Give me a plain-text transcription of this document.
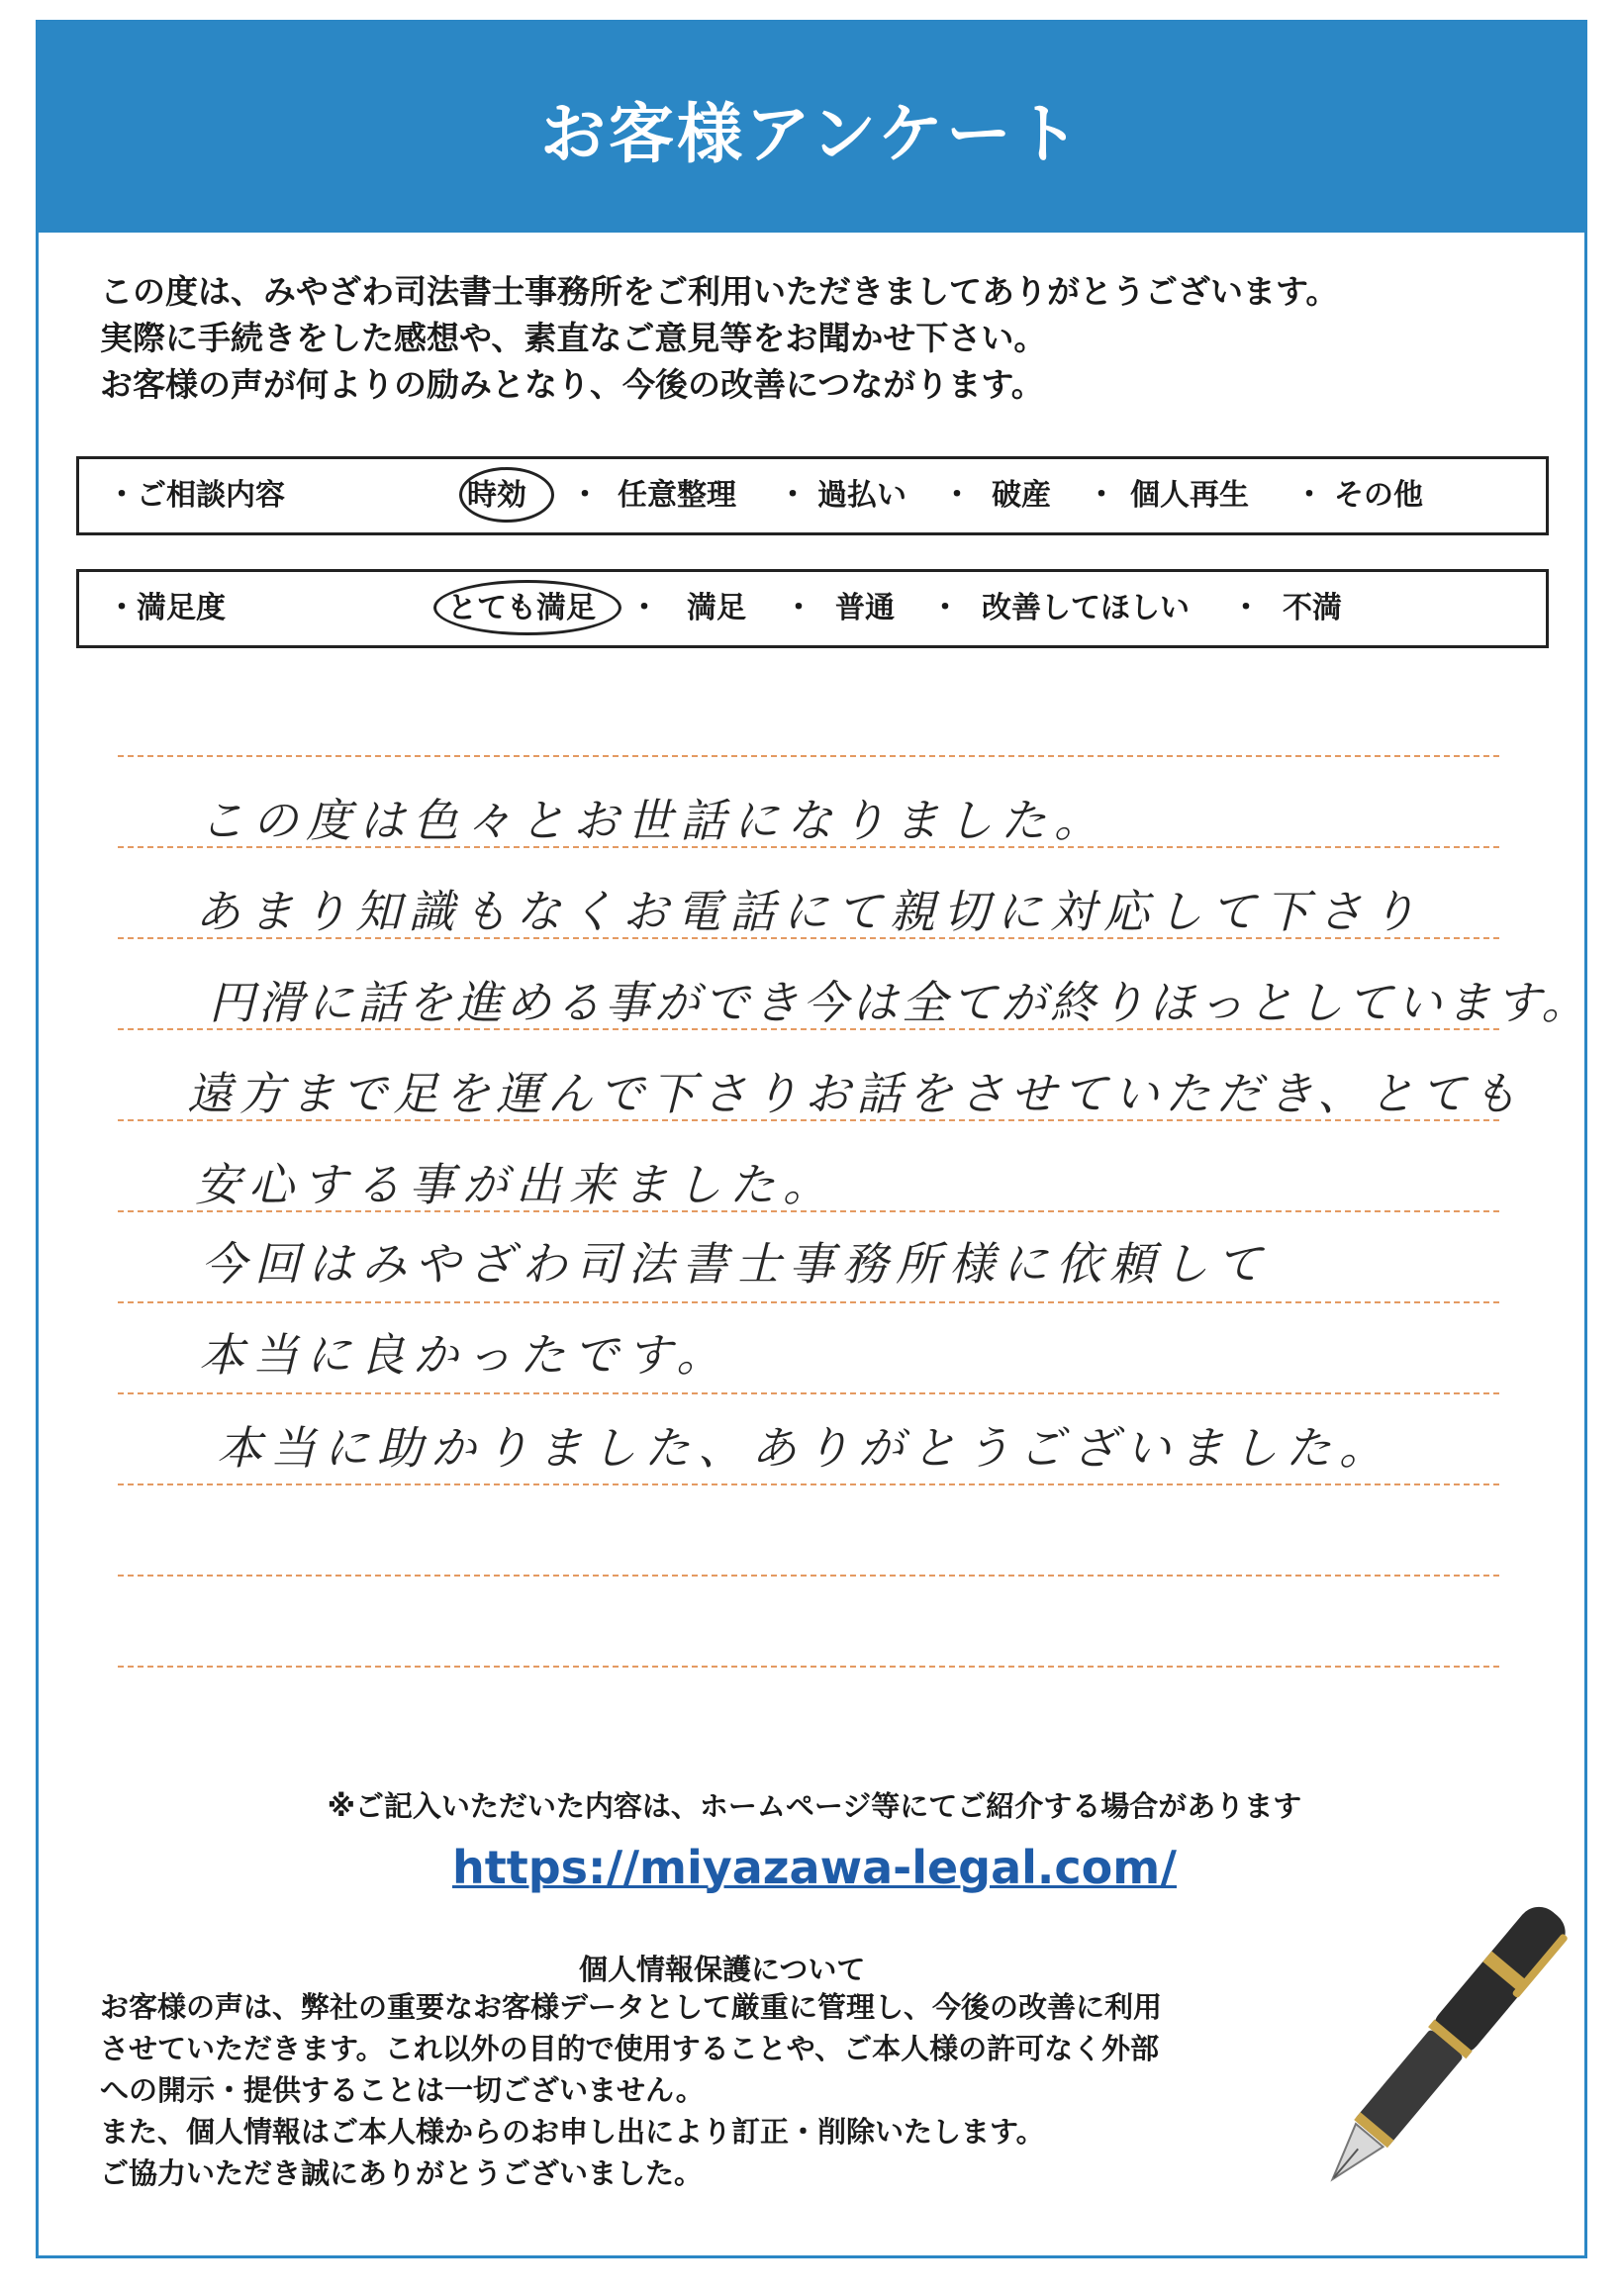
お客様アンケート
この度は、みやざわ司法書士事務所をご利用いただきましてありがとうございます。
実際に手続きをした感想や、素直なご意見等をお聞かせ下さい。
お客様の声が何よりの励みとなり、今後の改善につながります。
・ご相談内容	時効 ・ 任意整理 ・ 過払い ・ 破産 ・ 個人再生 ・ その他
・満足度	とても満足 ・ 満足 ・ 普通 ・ 改善してほしい ・ 不満
この度は色々とお世話になりました。
あまり知識もなくお電話にて親切に対応して下さり
円滑に話を進める事ができ今は全てが終りほっとしています。
遠方まで足を運んで下さりお話をさせていただき、とても
安心する事が出来ました。
今回はみやざわ司法書士事務所様に依頼して
本当に良かったです。
本当に助かりました、ありがとうございました。
※ご記入いただいた内容は、ホームページ等にてご紹介する場合があります
https://miyazawa-legal.com/
個人情報保護について
お客様の声は、弊社の重要なお客様データとして厳重に管理し、今後の改善に利用
させていただきます。これ以外の目的で使用することや、ご本人様の許可なく外部
への開示・提供することは一切ございません。
また、個人情報はご本人様からのお申し出により訂正・削除いたします。
ご協力いただき誠にありがとうございました。
